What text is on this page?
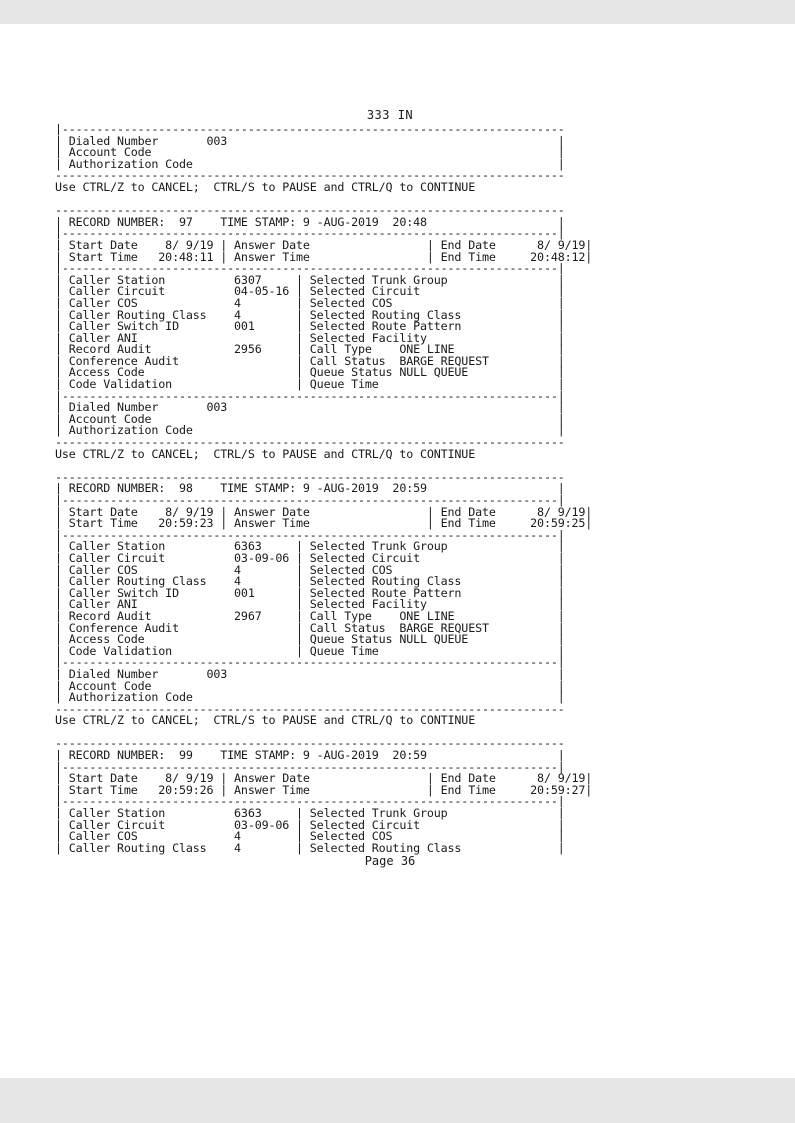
333 IN
|-------------------------------------------------------------------------
| Dialed Number       003                                                |
| Account Code                                                           |
| Authorization Code                                                     |
--------------------------------------------------------------------------
Use CTRL/Z to CANCEL;  CTRL/S to PAUSE and CTRL/Q to CONTINUE

--------------------------------------------------------------------------
| RECORD NUMBER:  97    TIME STAMP: 9 -AUG-2019  20:48                   |
|------------------------------------------------------------------------|
| Start Date    8/ 9/19 | Answer Date                 | End Date      8/ 9/19|
| Start Time   20:48:11 | Answer Time                 | End Time     20:48:12|
|------------------------------------------------------------------------|
| Caller Station          6307     | Selected Trunk Group                |
| Caller Circuit          04-05-16 | Selected Circuit                    |
| Caller COS              4        | Selected COS                        |
| Caller Routing Class    4        | Selected Routing Class              |
| Caller Switch ID        001      | Selected Route Pattern              |
| Caller ANI                       | Selected Facility                   |
| Record Audit            2956     | Call Type    ONE LINE               |
| Conference Audit                 | Call Status  BARGE REQUEST          |
| Access Code                      | Queue Status NULL QUEUE             |
| Code Validation                  | Queue Time                          |
|------------------------------------------------------------------------|
| Dialed Number       003                                                |
| Account Code                                                           |
| Authorization Code                                                     |
--------------------------------------------------------------------------
Use CTRL/Z to CANCEL;  CTRL/S to PAUSE and CTRL/Q to CONTINUE

--------------------------------------------------------------------------
| RECORD NUMBER:  98    TIME STAMP: 9 -AUG-2019  20:59                   |
|------------------------------------------------------------------------|
| Start Date    8/ 9/19 | Answer Date                 | End Date      8/ 9/19|
| Start Time   20:59:23 | Answer Time                 | End Time     20:59:25|
|------------------------------------------------------------------------|
| Caller Station          6363     | Selected Trunk Group                |
| Caller Circuit          03-09-06 | Selected Circuit                    |
| Caller COS              4        | Selected COS                        |
| Caller Routing Class    4        | Selected Routing Class              |
| Caller Switch ID        001      | Selected Route Pattern              |
| Caller ANI                       | Selected Facility                   |
| Record Audit            2967     | Call Type    ONE LINE               |
| Conference Audit                 | Call Status  BARGE REQUEST          |
| Access Code                      | Queue Status NULL QUEUE             |
| Code Validation                  | Queue Time                          |
|------------------------------------------------------------------------|
| Dialed Number       003                                                |
| Account Code                                                           |
| Authorization Code                                                     |
--------------------------------------------------------------------------
Use CTRL/Z to CANCEL;  CTRL/S to PAUSE and CTRL/Q to CONTINUE

--------------------------------------------------------------------------
| RECORD NUMBER:  99    TIME STAMP: 9 -AUG-2019  20:59                   |
|------------------------------------------------------------------------|
| Start Date    8/ 9/19 | Answer Date                 | End Date      8/ 9/19|
| Start Time   20:59:26 | Answer Time                 | End Time     20:59:27|
|------------------------------------------------------------------------|
| Caller Station          6363     | Selected Trunk Group                |
| Caller Circuit          03-09-06 | Selected Circuit                    |
| Caller COS              4        | Selected COS                        |
| Caller Routing Class    4        | Selected Routing Class              |
Page 36
